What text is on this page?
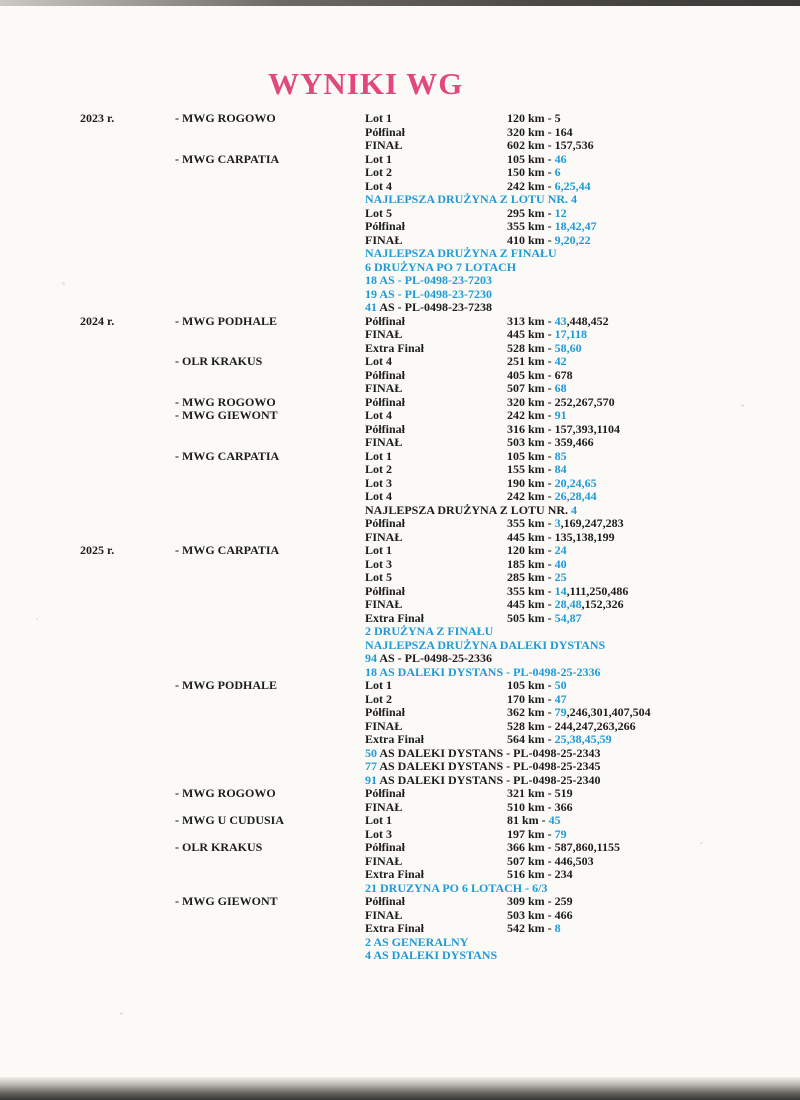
WYNIKI WG
2023 r.	- MWG ROGOWO	Lot 1	120 km - 5
Półfinał	320 km - 164
FINAŁ	602 km - 157,536
- MWG CARPATIA	Lot 1	105 km - 46
Lot 2	150 km - 6
Lot 4	242 km - 6,25,44
NAJLEPSZA DRUŻYNA Z LOTU NR. 4
Lot 5	295 km - 12
Półfinał	355 km - 18,42,47
FINAŁ	410 km - 9,20,22
NAJLEPSZA DRUŻYNA Z FINAŁU
6 DRUŻYNA PO 7 LOTACH
18 AS - PL-0498-23-7203
19 AS - PL-0498-23-7230
41 AS - PL-0498-23-7238
2024 r.	- MWG PODHALE	Półfinał	313 km - 43,448,452
FINAŁ	445 km - 17,118
Extra Finał	528 km - 58,60
- OLR KRAKUS	Lot 4	251 km - 42
Półfinał	405 km - 678
FINAŁ	507 km - 68
- MWG ROGOWO	Półfinał	320 km - 252,267,570
- MWG GIEWONT	Lot 4	242 km - 91
Półfinał	316 km - 157,393,1104
FINAŁ	503 km - 359,466
- MWG CARPATIA	Lot 1	105 km - 85
Lot 2	155 km - 84
Lot 3	190 km - 20,24,65
Lot 4	242 km - 26,28,44
NAJLEPSZA DRUŻYNA Z LOTU NR. 4
Półfinał	355 km - 3,169,247,283
FINAŁ	445 km - 135,138,199
2025 r.	- MWG CARPATIA	Lot 1	120 km - 24
Lot 3	185 km - 40
Lot 5	285 km - 25
Półfinał	355 km - 14,111,250,486
FINAŁ	445 km - 28,48,152,326
Extra Finał	505 km - 54,87
2 DRUŻYNA Z FINAŁU
NAJLEPSZA DRUŻYNA DALEKI DYSTANS
94 AS - PL-0498-25-2336
18 AS DALEKI DYSTANS - PL-0498-25-2336
- MWG PODHALE	Lot 1	105 km - 50
Lot 2	170 km - 47
Półfinał	362 km - 79,246,301,407,504
FINAŁ	528 km - 244,247,263,266
Extra Finał	564 km - 25,38,45,59
50 AS DALEKI DYSTANS - PL-0498-25-2343
77 AS DALEKI DYSTANS - PL-0498-25-2345
91 AS DALEKI DYSTANS - PL-0498-25-2340
- MWG ROGOWO	Półfinał	321 km - 519
FINAŁ	510 km - 366
- MWG U CUDUSIA	Lot 1	81 km - 45
Lot 3	197 km - 79
- OLR KRAKUS	Półfinał	366 km - 587,860,1155
FINAŁ	507 km - 446,503
Extra Finał	516 km - 234
21 DRUZYNA PO 6 LOTACH - 6/3
- MWG GIEWONT	Półfinał	309 km - 259
FINAŁ	503 km - 466
Extra Finał	542 km - 8
2 AS GENERALNY
4 AS DALEKI DYSTANS
